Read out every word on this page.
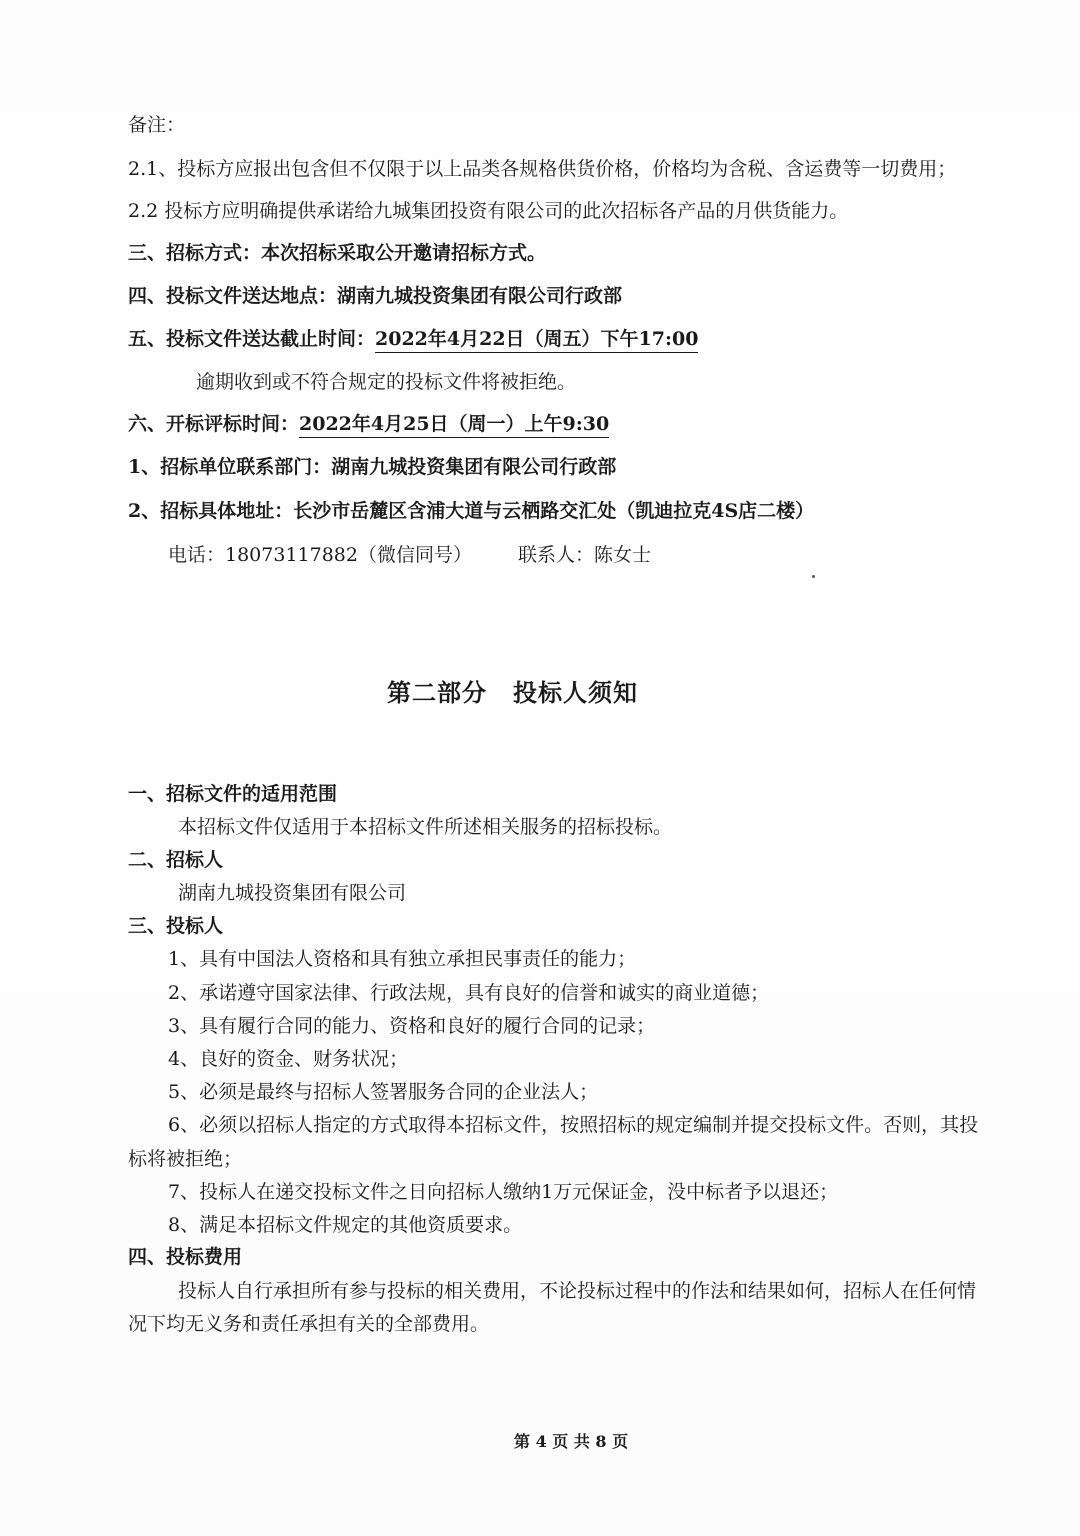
备注：
2.1、投标方应报出包含但不仅限于以上品类各规格供货价格，价格均为含税、含运费等一切费用；
2.2 投标方应明确提供承诺给九城集团投资有限公司的此次招标各产品的月供货能力。
三、招标方式：本次招标采取公开邀请招标方式。
四、投标文件送达地点：湖南九城投资集团有限公司行政部
五、投标文件送达截止时间：2022年4月22日（周五）下午17:00
逾期收到或不符合规定的投标文件将被拒绝。
六、开标评标时间：2022年4月25日（周一）上午9:30
1、招标单位联系部门：湖南九城投资集团有限公司行政部
2、招标具体地址：长沙市岳麓区含浦大道与云栖路交汇处（凯迪拉克4S店二楼）
电话：18073117882（微信同号） 联系人：陈女士
第二部分 投标人须知
一、招标文件的适用范围
本招标文件仅适用于本招标文件所述相关服务的招标投标。
二、招标人
湖南九城投资集团有限公司
三、投标人
1、具有中国法人资格和具有独立承担民事责任的能力；
2、承诺遵守国家法律、行政法规，具有良好的信誉和诚实的商业道德；
3、具有履行合同的能力、资格和良好的履行合同的记录；
4、良好的资金、财务状况；
5、必须是最终与招标人签署服务合同的企业法人；
6、必须以招标人指定的方式取得本招标文件，按照招标的规定编制并提交投标文件。否则，其投
标将被拒绝；
7、投标人在递交投标文件之日向招标人缴纳1万元保证金，没中标者予以退还；
8、满足本招标文件规定的其他资质要求。
四、投标费用
投标人自行承担所有参与投标的相关费用，不论投标过程中的作法和结果如何，招标人在任何情
况下均无义务和责任承担有关的全部费用。
第 4 页 共 8 页
